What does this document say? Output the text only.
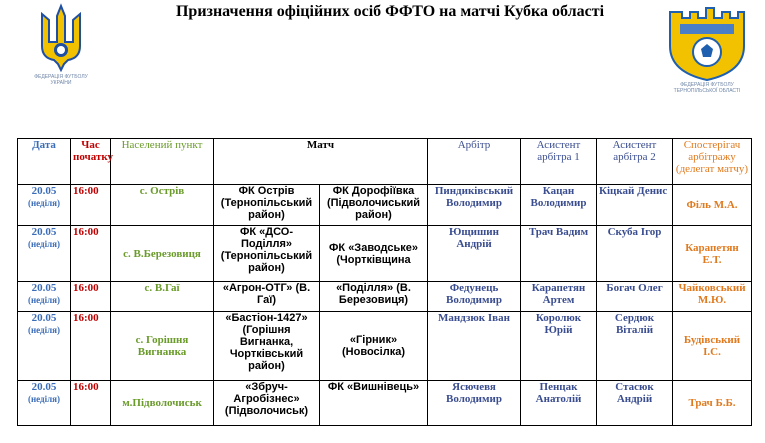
Призначення офіційних осіб ФФТО на матчі Кубка області
ФЕДЕРАЦІЯ ФУТБОЛУ УКРАЇНИ	ФЕДЕРАЦІЯ ФУТБОЛУ ТЕРНОПІЛЬСЬКОЇ ОБЛАСТІ
Дата	Час початку	Населений пункт	Матч		Арбітр	Асистент арбітра 1	Асистент арбітра 2	Спостерігач арбітражу (делегат матчу)
20.05
(неділя)	16:00	с. Острів	ФК Острів (Тернопільський район)	ФК Дорофіївка (Підволочиський район)	Пиндиківський Володимир	Кацан Володимир	Кіцкай Денис	Філь М.А.
20.05
(неділя)	16:00	с. В.Березовиця	ФК «ДСО-Поділля» (Тернопільський район)	ФК «Заводське» (Чортківщина	Ющишин Андрій	Трач Вадим	Скуба Ігор	Карапетян Е.Т.
20.05
(неділя)	16:00	с. В.Гаї	«Агрон-ОТГ» (В. Гаї)	«Поділля» (В. Березовиця)	Федунець Володимир	Карапетян Артем	Богач Олег	Чайковський М.Ю.
20.05
(неділя)	16:00	с. Горішня Вигнанка	«Бастіон-1427» (Горішня Вигнанка, Чортківський район)	«Гірник» (Новосілка)	Мандзюк Іван	Королюк Юрій	Сердюк Віталій	Будівський І.С.
20.05
(неділя)	16:00	м.Підволочиськ	«Збруч-Агробізнес» (Підволочиськ)	ФК «Вишнівець»	Ясючевя Володимир	Пенцак Анатолій	Стасюк Андрій	Трач Б.Б.
